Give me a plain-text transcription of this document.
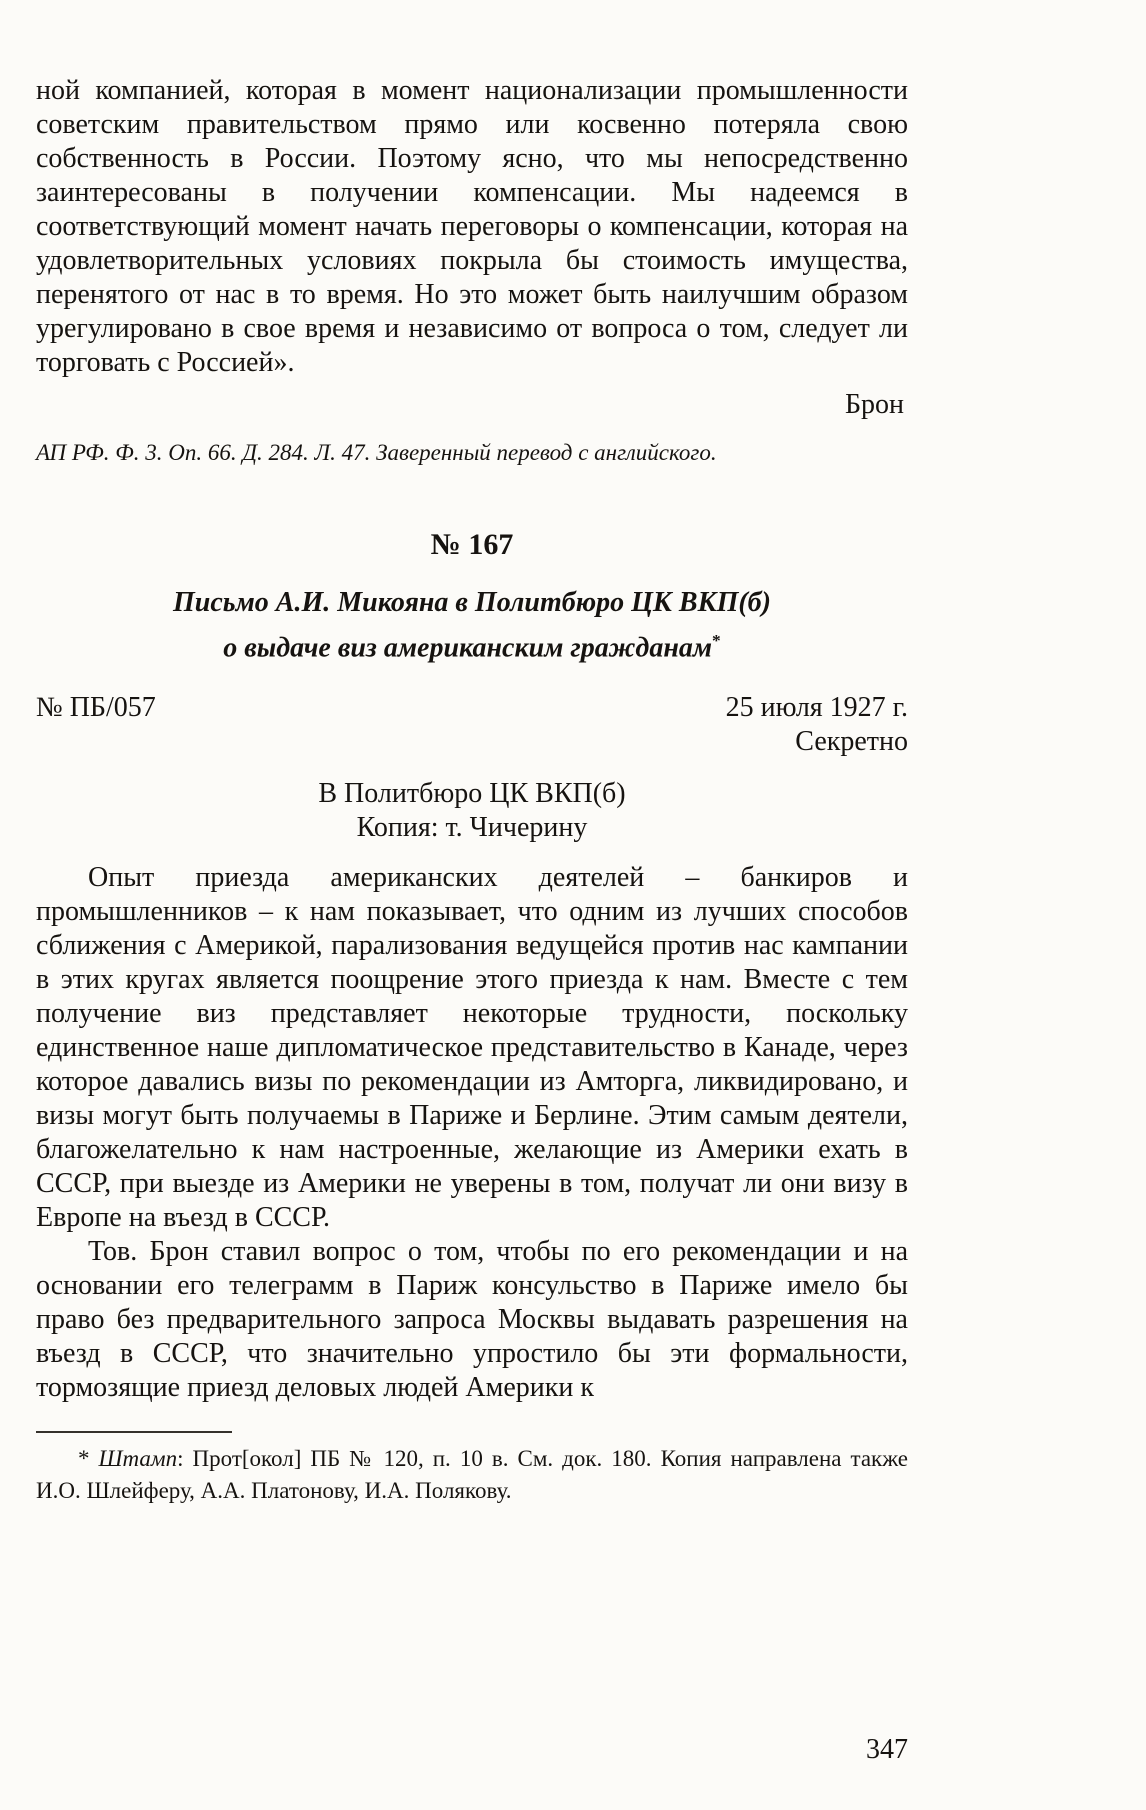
ной компанией, которая в момент национализации промышленности советским правительством прямо или косвенно потеряла свою собственность в России. Поэтому ясно, что мы непосредственно заинтересованы в получении компенсации. Мы надеемся в соответствующий момент начать переговоры о компенсации, которая на удовлетворительных условиях покрыла бы стоимость имущества, перенятого от нас в то время. Но это может быть наилучшим образом урегулировано в свое время и независимо от вопроса о том, следует ли торговать с Россией».

Брон

АП РФ. Ф. 3. Оп. 66. Д. 284. Л. 47. Заверенный перевод с английского.

№ 167
Письмо А.И. Микояна в Политбюро ЦК ВКП(б)
о выдаче виз американским гражданам*
№ ПБ/057	25 июля 1927 г.

Секретно

В Политбюро ЦК ВКП(б)
Копия: т. Чичерину

Опыт приезда американских деятелей – банкиров и промышленников – к нам показывает, что одним из лучших способов сближения с Америкой, парализования ведущейся против нас кампании в этих кругах является поощрение этого приезда к нам. Вместе с тем получение виз представляет некоторые трудности, поскольку единственное наше дипломатическое представительство в Канаде, через которое давались визы по рекомендации из Амторга, ликвидировано, и визы могут быть получаемы в Париже и Берлине. Этим самым деятели, благожелательно к нам настроенные, желающие из Америки ехать в СССР, при выезде из Америки не уверены в том, получат ли они визу в Европе на въезд в СССР.

Тов. Брон ставил вопрос о том, чтобы по его рекомендации и на основании его телеграмм в Париж консульство в Париже имело бы право без предварительного запроса Москвы выдавать разрешения на въезд в СССР, что значительно упростило бы эти формальности, тормозящие приезд деловых людей Америки к

* Штамп: Прот[окол] ПБ № 120, п. 10 в. См. док. 180. Копия направлена также И.О. Шлейферу, А.А. Платонову, И.А. Полякову.

347
